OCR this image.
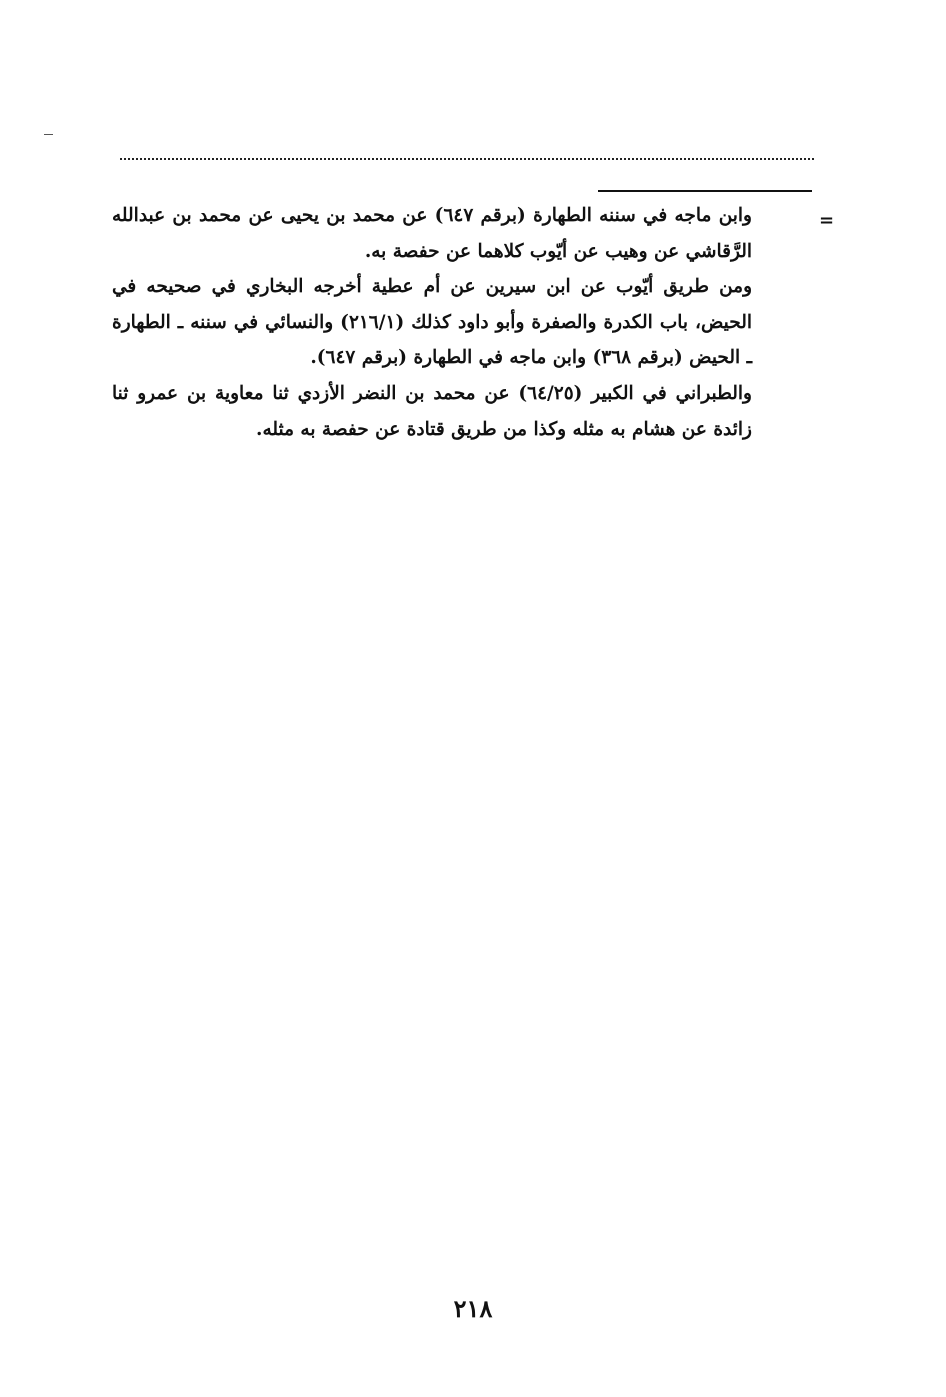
=

وابن ماجه في سننه الطهارة (برقم ٦٤٧) عن محمد بن يحيى عن محمد بن عبدالله الرَّقاشي عن وهيب عن أيّوب كلاهما عن حفصة به.

ومن طريق أيّوب عن ابن سيرين عن أم عطية أخرجه البخاري في صحيحه في الحيض، باب الكدرة والصفرة وأبو داود كذلك (٢١٦/١) والنسائي في سننه ـ الطهارة ـ الحيض (برقم ٣٦٨) وابن ماجه في الطهارة (برقم ٦٤٧).

والطبراني في الكبير (٦٤/٢٥) عن محمد بن النضر الأزدي ثنا معاوية بن عمرو ثنا زائدة عن هشام به مثله وكذا من طريق قتادة عن حفصة به مثله.

٢١٨
